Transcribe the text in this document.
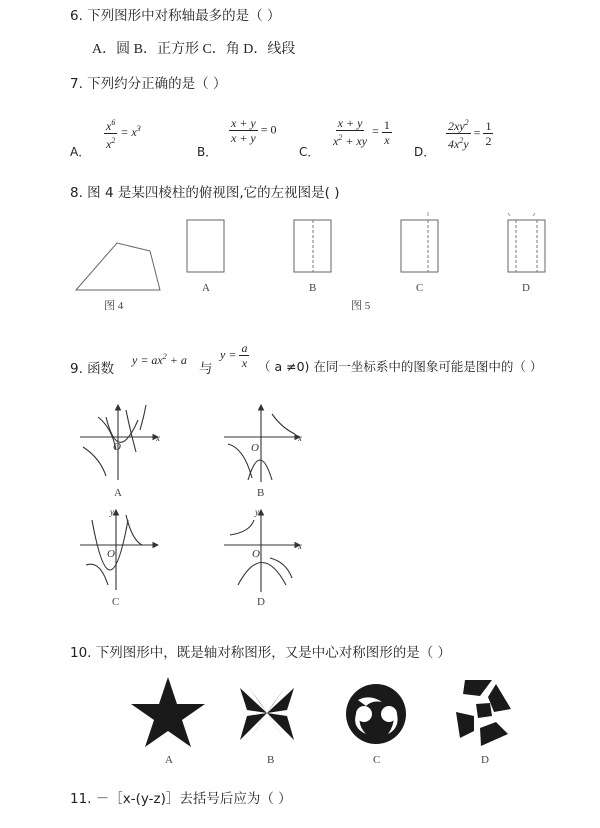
6. 下列图形中对称轴最多的是（ ）
A．圆 B．正方形 C．角 D．线段
7. 下列约分正确的是（ ）
A．
$\frac{x^6}{x^2} = x^3$
B．
$\frac{x + y}{x + y} = 0$
C．
$\frac{x + y}{x^2 + xy} = \frac{1}{x}$
D．
$\frac{2xy^2}{4x^2y} = \frac{1}{2}$
8. 图 4 是某四棱柱的俯视图,它的左视图是( )
图 4
A	B
图 5
C	D
9. 函数
$y = ax^2 + a$
与
$y = \frac{a}{x}$ （ a ≠0) 在同一坐标系中的图象可能是图中的（ ）
O
x
O
x
O
y
O
y
x
A	B
C	D
10. 下列图形中，既是轴对称图形，又是中心对称图形的是（ ）
A	B	C	D
11. －［x-(y-z)］去括号后应为（ ）
